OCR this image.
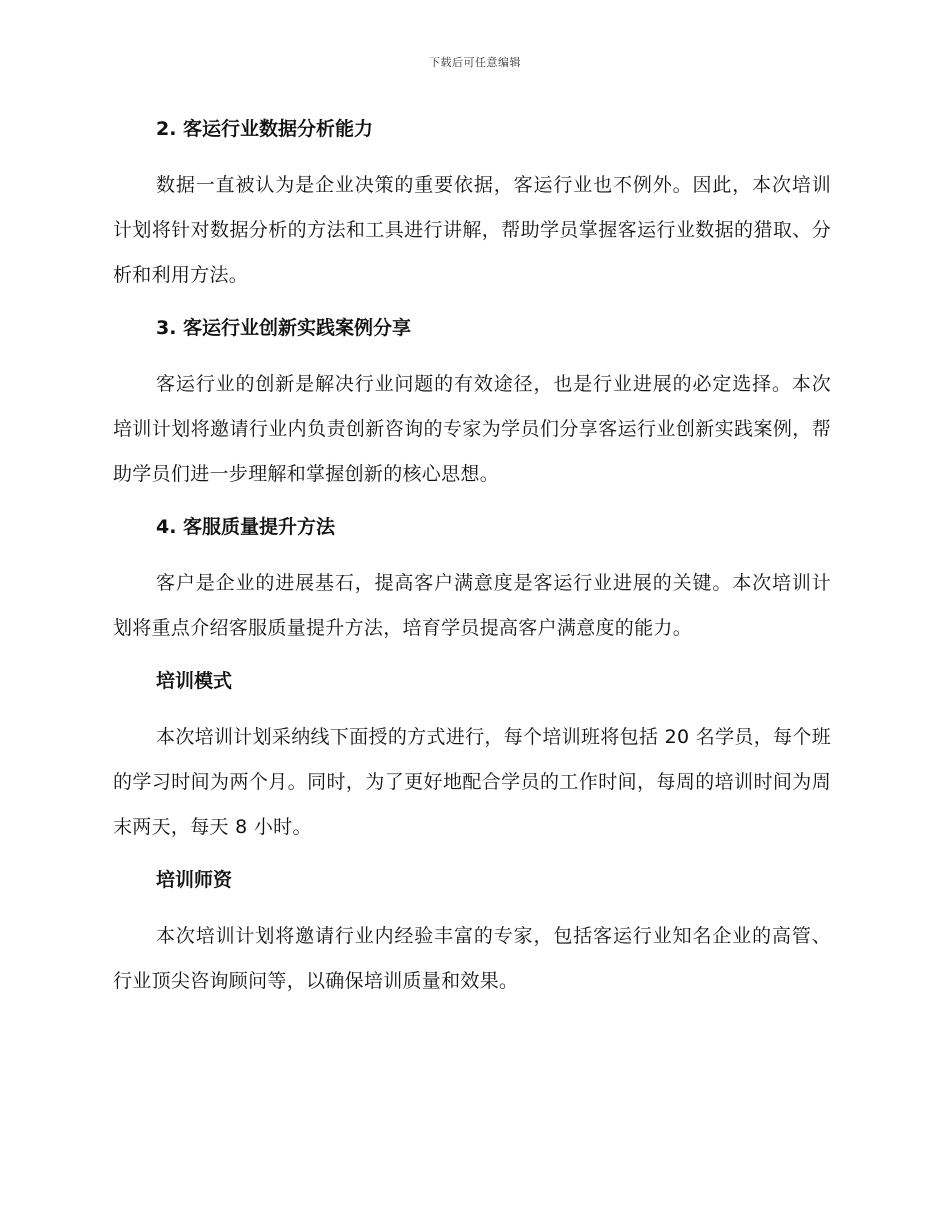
下载后可任意编辑
2. 客运行业数据分析能力
数据一直被认为是企业决策的重要依据，客运行业也不例外。因此，本次培训计划将针对数据分析的方法和工具进行讲解，帮助学员掌握客运行业数据的猎取、分析和利用方法。
3. 客运行业创新实践案例分享
客运行业的创新是解决行业问题的有效途径，也是行业进展的必定选择。本次培训计划将邀请行业内负责创新咨询的专家为学员们分享客运行业创新实践案例，帮助学员们进一步理解和掌握创新的核心思想。
4. 客服质量提升方法
客户是企业的进展基石，提高客户满意度是客运行业进展的关键。本次培训计划将重点介绍客服质量提升方法，培育学员提高客户满意度的能力。
培训模式
本次培训计划采纳线下面授的方式进行，每个培训班将包括 20 名学员，每个班的学习时间为两个月。同时，为了更好地配合学员的工作时间，每周的培训时间为周末两天，每天 8 小时。
培训师资
本次培训计划将邀请行业内经验丰富的专家，包括客运行业知名企业的高管、行业顶尖咨询顾问等，以确保培训质量和效果。
